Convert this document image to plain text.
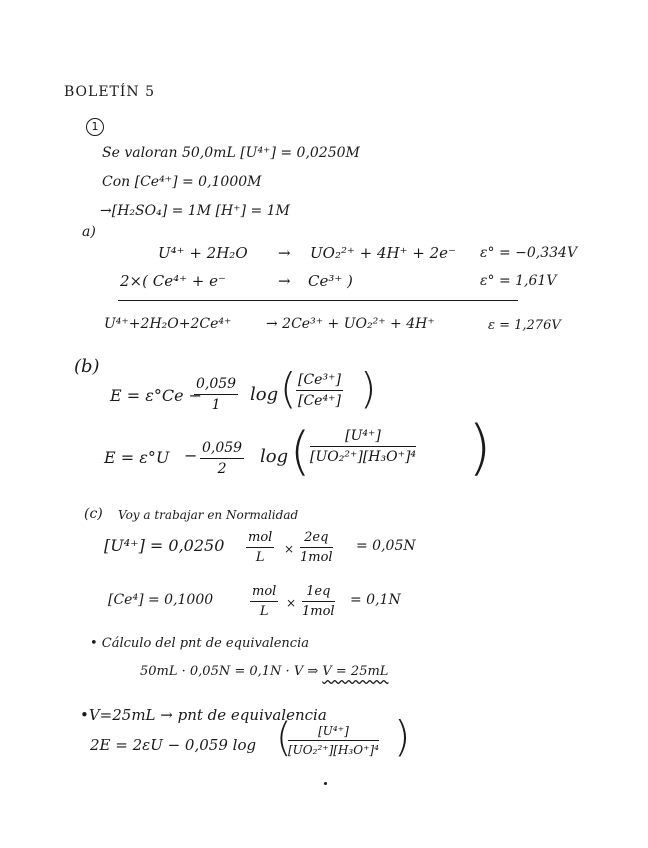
BOLETÍN 5
1
Se valoran 50,0mL [U⁴⁺] = 0,0250M
Con [Ce⁴⁺] = 0,1000M
→[H₂SO₄] = 1M [H⁺] = 1M
a)
U⁴⁺ + 2H₂O → UO₂²⁺ + 4H⁺ + 2e⁻ ε° = −0,334V
2×( Ce⁴⁺ + e⁻	→ Ce³⁺ )	ε° = 1,61V
U⁴⁺+2H₂O+2Ce⁴⁺ → 2Ce³⁺ + UO₂²⁺ + 4H⁺	ε = 1,276V
(b)
E = ε°Ce −
$\frac{0,059}{1}$ log ( $\frac{\text{[Ce³⁺]}}{\text{[Ce⁴⁺]}}$ )
$E = \varepsilon^\circ U - \frac{0,059}{2}$ log ( $\frac{\text{[U⁴⁺]}}{\text{[UO₂²⁺][H₃O⁺]⁴}}$ )
(c) Voy a trabajar en Normalidad
[U⁴⁺] = 0,0250 mol
L
×
2eq
1mol
= 0,05N
[Ce⁴] = 0,1000
mol
L
×
1eq
1mol
= 0,1N
• Cálculo del pnt de equivalencia
50mL · 0,05N = 0,1N · V ⇒ V = 25mL
•V=25mL → pnt de equivalencia
2E = 2εU − 0,059 log (
$\frac{\text{[U⁴⁺]}}{\text{[UO₂²⁺][H₃O⁺]⁴}}$ )
